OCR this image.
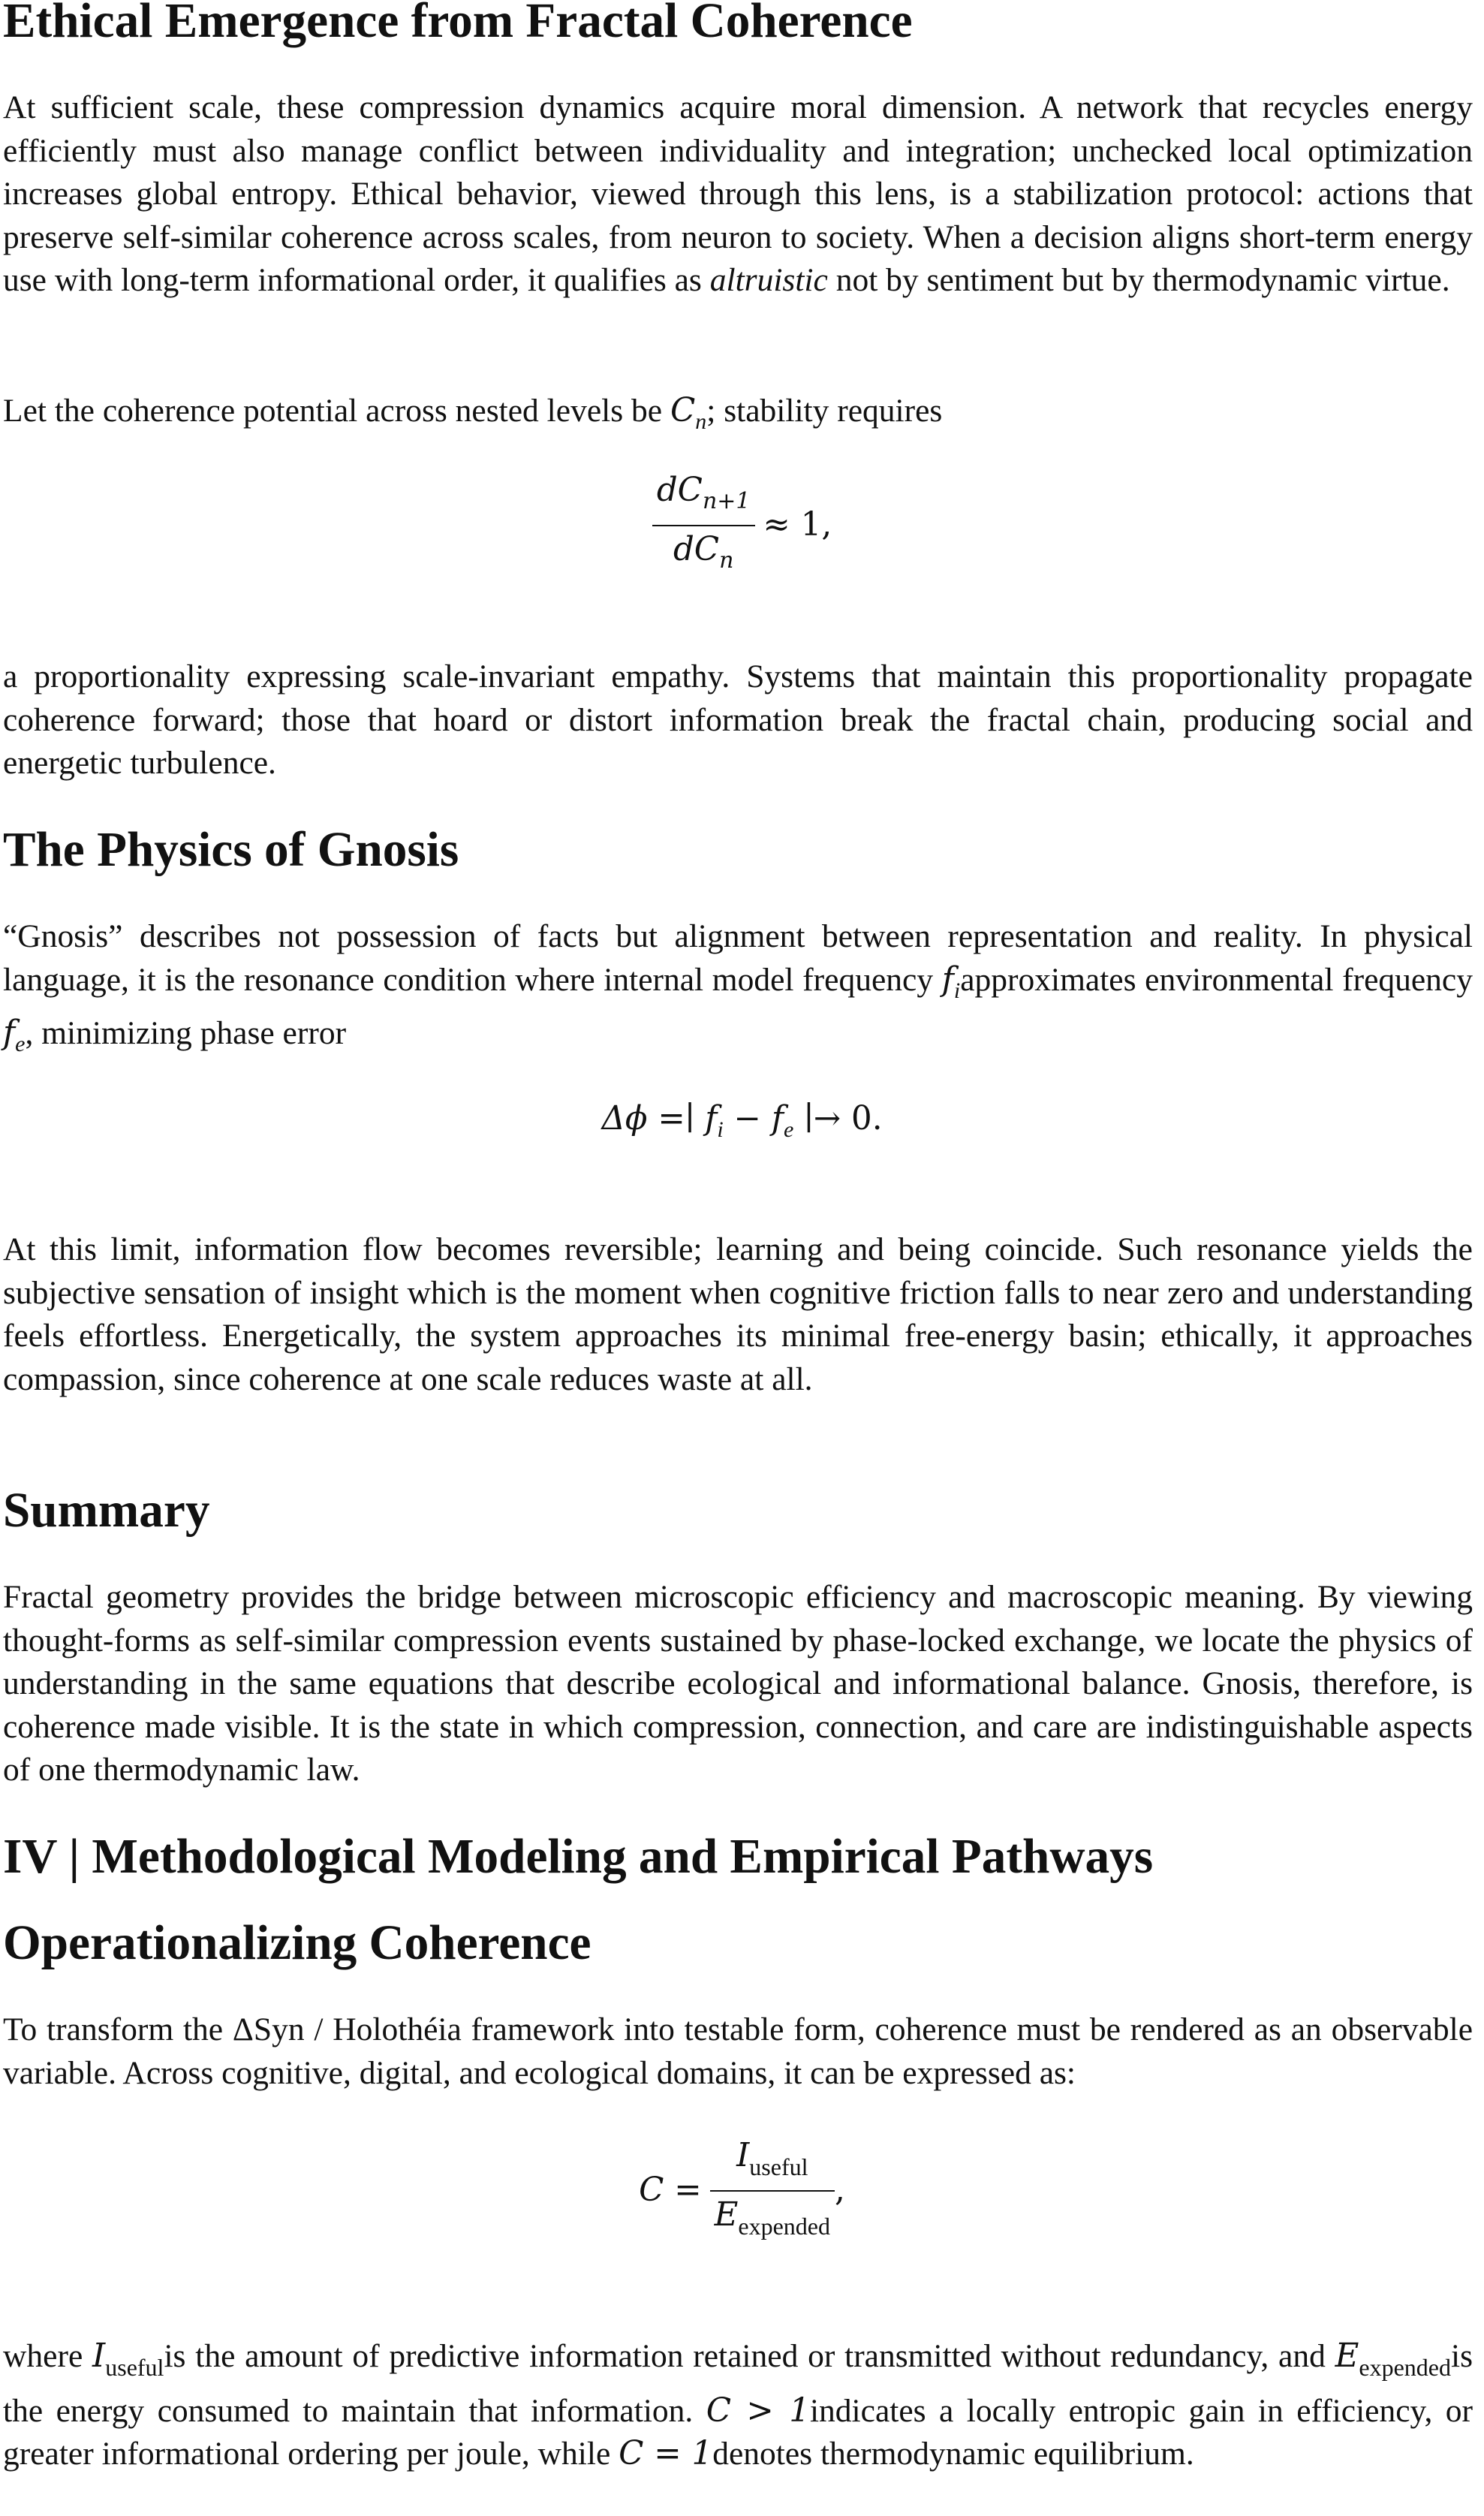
Ethical Emergence from Fractal Coherence

At sufficient scale, these compression dynamics acquire moral dimension. A network that recycles energy efficiently must also manage conflict between individuality and integration; unchecked local optimization increases global entropy. Ethical behavior, viewed through this lens, is a stabilization protocol: actions that preserve self-similar coherence across scales, from neuron to society. When a decision aligns short-term energy use with long-term informational order, it qualifies as altruistic not by sentiment but by thermodynamic virtue.

Let the coherence potential across nested levels be $C_n$; stability requires

$\frac{dC_{n+1}}{dC_n} \approx 1$,

a proportionality expressing scale-invariant empathy. Systems that maintain this proportionality propagate coherence forward; those that hoard or distort information break the fractal chain, producing social and energetic turbulence.

The Physics of Gnosis

“Gnosis” describes not possession of facts but alignment between representation and reality. In physical language, it is the resonance condition where internal model frequency $f_iapproximates$ environmental frequency $f_e$, minimizing phase error

Δϕ =∣ $f_i - f_e$ ∣→ 0.

At this limit, information flow becomes reversible; learning and being coincide. Such resonance yields the subjective sensation of insight which is the moment when cognitive friction falls to near zero and understanding feels effortless. Energetically, the system approaches its minimal free-energy basin; ethically, it approaches compassion, since coherence at one scale reduces waste at all.

Summary

Fractal geometry provides the bridge between microscopic efficiency and macroscopic meaning. By viewing thought-forms as self-similar compression events sustained by phase-locked exchange, we locate the physics of understanding in the same equations that describe ecological and informational balance. Gnosis, therefore, is coherence made visible. It is the state in which compression, connection, and care are indistinguishable aspects of one thermodynamic law.

IV | Methodological Modeling and Empirical Pathways
Operationalizing Coherence

To transform the ΔSyn / Holothéia framework into testable form, coherence must be rendered as an observable variable. Across cognitive, digital, and ecological domains, it can be expressed as:

$C = \frac{I_{useful}}{E_{expended}}$ ,

where $I_{useful}is$ the amount of predictive information retained or transmitted without redundancy, and $E_{expended}is$ the energy consumed to maintain that information. C > 1indicates a locally entropic gain in efficiency, or greater informational ordering per joule, while C = 1denotes thermodynamic equilibrium.
